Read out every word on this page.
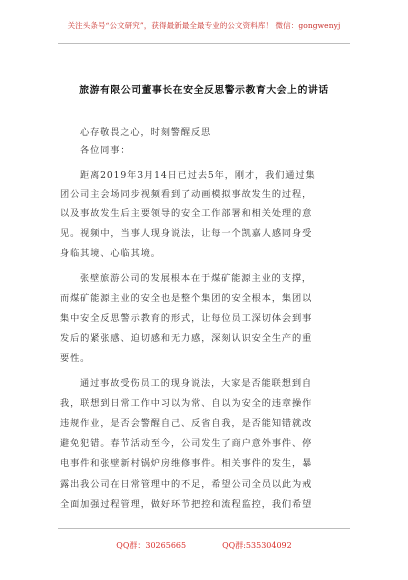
关注头条号“公文研究”，获得最新最全最专业的公文资料库！ 微信：gongwenyj
旅游有限公司董事长在安全反思警示教育大会上的讲话
心存敬畏之心，时刻警醒反思
各位同事：
距离2019年3月14日已过去5年，刚才，我们通过集
团公司主会场同步视频看到了动画模拟事故发生的过程，
以及事故发生后主要领导的安全工作部署和相关处理的意
见。视频中，当事人现身说法，让每一个凯嘉人感同身受
身临其境、心临其境。
张壁旅游公司的发展根本在于煤矿能源主业的支撑，
而煤矿能源主业的安全也是整个集团的安全根本，集团以
集中安全反思警示教育的形式，让每位员工深切体会到事
发后的紧张感、迫切感和无力感，深刻认识安全生产的重
要性。
通过事故受伤员工的现身说法，大家是否能联想到自
我，联想到日常工作中习以为常、自以为安全的违章操作
违规作业，是否会警醒自己、反省自我，是否能知错就改
避免犯错。春节活动至今，公司发生了商户意外事件、停
电事件和张壁新村锅炉房维修事件。相关事件的发生，暴
露出我公司在日常管理中的不足，希望公司全员以此为戒
全面加强过程管理，做好环节把控和流程监控，我们希望
QQ群：30265665	QQ群:535304092
